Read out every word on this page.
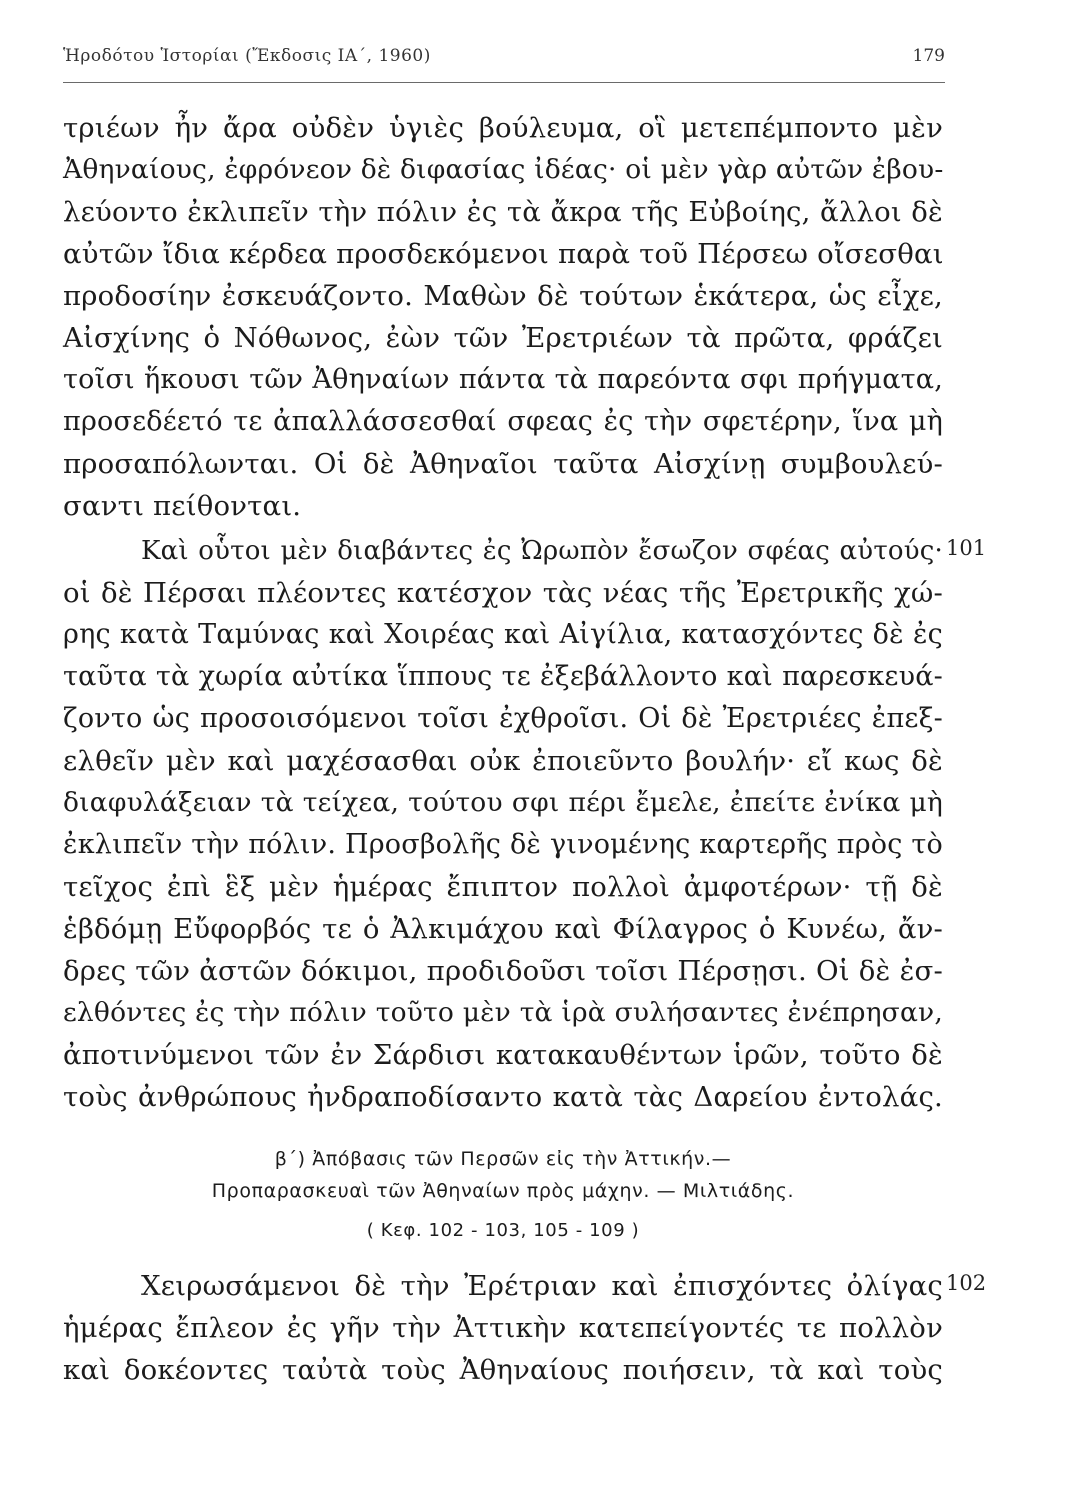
Ἡροδότου Ἱστορίαι (Ἔκδοσις ΙΑ΄, 1960)	179
τριέων ἦν ἄρα οὐδὲν ὑγιὲς βούλευμα, οἳ μετεπέμποντο μὲν
Ἀθηναίους, ἐφρόνεον δὲ διφασίας ἰδέας· οἱ μὲν γὰρ αὐτῶν ἐβου-
λεύοντο ἐκλιπεῖν τὴν πόλιν ἐς τὰ ἄκρα τῆς Εὐβοίης, ἄλλοι δὲ
αὐτῶν ἴδια κέρδεα προσδεκόμενοι παρὰ τοῦ Πέρσεω οἴσεσθαι
προδοσίην ἐσκευάζοντο. Μαθὼν δὲ τούτων ἑκάτερα, ὡς εἶχε,
Αἰσχίνης ὁ Νόθωνος, ἐὼν τῶν Ἐρετριέων τὰ πρῶτα, φράζει
τοῖσι ἥκουσι τῶν Ἀθηναίων πάντα τὰ παρεόντα σφι πρήγματα,
προσεδέετό τε ἀπαλλάσσεσθαί σφεας ἐς τὴν σφετέρην, ἵνα μὴ
προσαπόλωνται. Οἱ δὲ Ἀθηναῖοι ταῦτα Αἰσχίνῃ συμβουλεύ-
σαντι πείθονται.
Καὶ οὗτοι μὲν διαβάντες ἐς Ὠρωπὸν ἔσωζον σφέας αὐτούς·
οἱ δὲ Πέρσαι πλέοντες κατέσχον τὰς νέας τῆς Ἐρετρικῆς χώ-
ρης κατὰ Ταμύνας καὶ Χοιρέας καὶ Αἰγίλια, κατασχόντες δὲ ἐς
ταῦτα τὰ χωρία αὐτίκα ἵππους τε ἐξεβάλλοντο καὶ παρεσκευά-
ζοντο ὡς προσοισόμενοι τοῖσι ἐχθροῖσι. Οἱ δὲ Ἐρετριέες ἐπεξ-
ελθεῖν μὲν καὶ μαχέσασθαι οὐκ ἐποιεῦντο βουλήν· εἴ κως δὲ
διαφυλάξειαν τὰ τείχεα, τούτου σφι πέρι ἔμελε, ἐπείτε ἐνίκα μὴ
ἐκλιπεῖν τὴν πόλιν. Προσβολῆς δὲ γινομένης καρτερῆς πρὸς τὸ
τεῖχος ἐπὶ ἓξ μὲν ἡμέρας ἔπιπτον πολλοὶ ἀμφοτέρων· τῇ δὲ
ἑβδόμῃ Εὔφορβός τε ὁ Ἀλκιμάχου καὶ Φίλαγρος ὁ Κυνέω, ἄν-
δρες τῶν ἀστῶν δόκιμοι, προδιδοῦσι τοῖσι Πέρσῃσι. Οἱ δὲ ἐσ-
ελθόντες ἐς τὴν πόλιν τοῦτο μὲν τὰ ἱρὰ συλήσαντες ἐνέπρησαν,
ἀποτινύμενοι τῶν ἐν Σάρδισι κατακαυθέντων ἱρῶν, τοῦτο δὲ
τοὺς ἀνθρώπους ἠνδραποδίσαντο κατὰ τὰς Δαρείου ἐντολάς.
101
β΄) Ἀπόβασις τῶν Περσῶν εἰς τὴν Ἀττικήν.—
Προπαρασκευαὶ τῶν Ἀθηναίων πρὸς μάχην. — Μιλτιάδης.
( Κεφ. 102 - 103, 105 - 109 )
Χειρωσάμενοι δὲ τὴν Ἐρέτριαν καὶ ἐπισχόντες ὀλίγας
ἡμέρας ἔπλεον ἐς γῆν τὴν Ἀττικὴν κατεπείγοντές τε πολλὸν
καὶ δοκέοντες ταὐτὰ τοὺς Ἀθηναίους ποιήσειν, τὰ καὶ τοὺς
102
